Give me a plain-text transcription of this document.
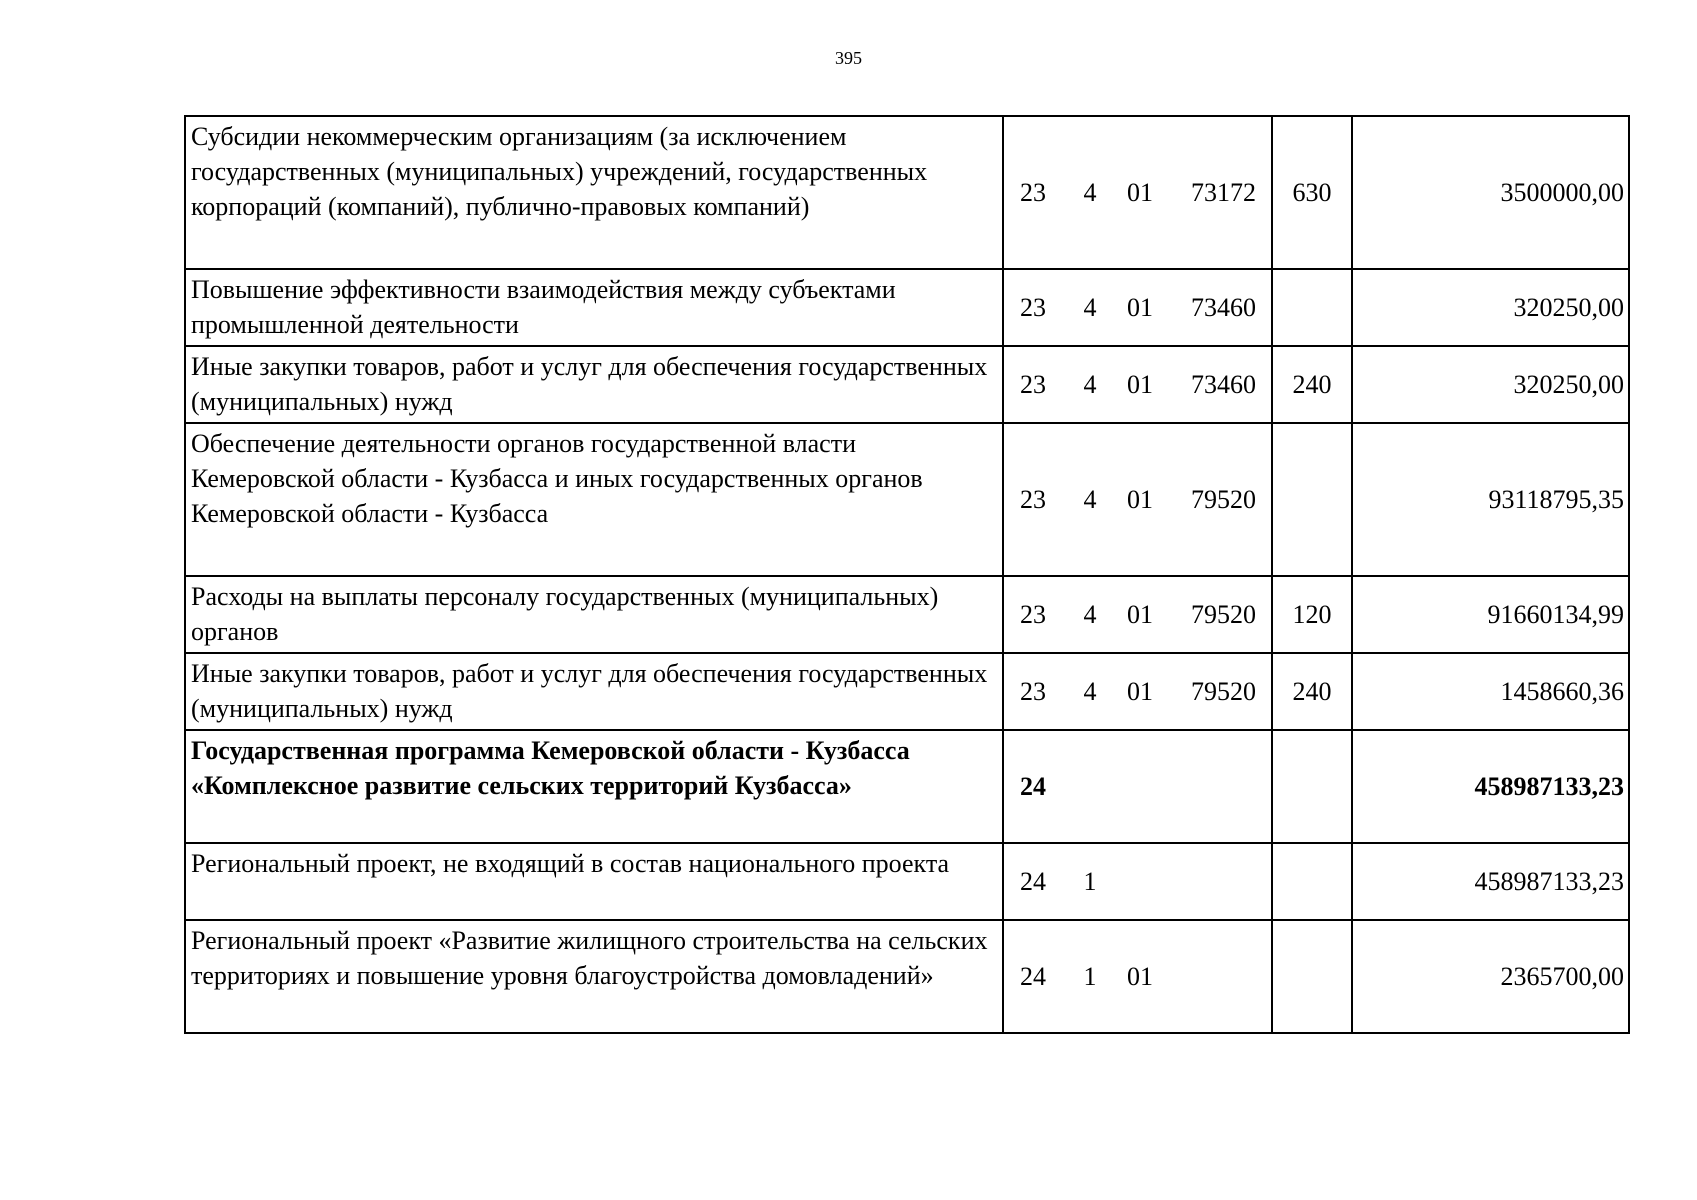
395
Субсидии некоммерческим организациям (за исключением государственных (муниципальных) учреждений, государственных корпораций (компаний), публично-правовых компаний)	23 4 01 73172	630	3500000,00
Повышение эффективности взаимодействия между субъектами промышленной деятельности	23 4 01 73460		320250,00
Иные закупки товаров, работ и услуг для обеспечения государственных (муниципальных) нужд	23 4 01 73460	240	320250,00
Обеспечение деятельности органов государственной власти Кемеровской области - Кузбасса и иных государственных органов Кемеровской области - Кузбасса	23 4 01 79520		93118795,35
Расходы на выплаты персоналу государственных (муниципальных) органов	23 4 01 79520	120	91660134,99
Иные закупки товаров, работ и услуг для обеспечения государственных (муниципальных) нужд	23 4 01 79520	240	1458660,36
Государственная программа Кемеровской области - Кузбасса «Комплексное развитие сельских территорий Кузбасса»	24		458987133,23
Региональный проект, не входящий в состав национального проекта	24 1		458987133,23
Региональный проект «Развитие жилищного строительства на сельских территориях и повышение уровня благоустройства домовладений»	24 1 01		2365700,00
